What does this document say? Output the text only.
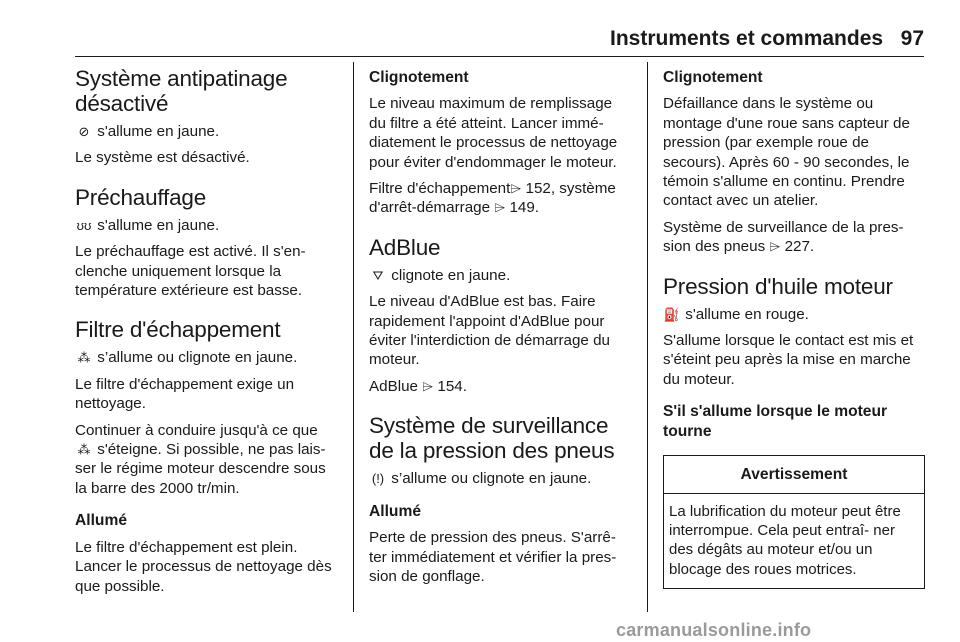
Instruments et commandes 97
Système antipatinage désactivé

⊘ s'allume en jaune.

Le système est désactivé.

Préchauffage

ʊʊ s'allume en jaune.

Le préchauffage est activé. Il s'en- clenche uniquement lorsque la température extérieure est basse.

Filtre d'échappement

⁂ s’allume ou clignote en jaune.

Le filtre d'échappement exige un nettoyage.

Continuer à conduire jusqu'à ce que ⁂ s'éteigne. Si possible, ne pas lais- ser le régime moteur descendre sous la barre des 2000 tr/min.

Allumé

Le filtre d'échappement est plein. Lancer le processus de nettoyage dès que possible.

Clignotement

Le niveau maximum de remplissage du filtre a été atteint. Lancer immé- diatement le processus de nettoyage pour éviter d'endommager le moteur.

Filtre d'échappement⌲ 152, système d'arrêt-démarrage ⌲ 149.

AdBlue

⛛ clignote en jaune.

Le niveau d'AdBlue est bas. Faire rapidement l'appoint d'AdBlue pour éviter l'interdiction de démarrage du moteur.

AdBlue ⌲ 154.

Système de surveillance de la pression des pneus

(!) s’allume ou clignote en jaune.

Allumé

Perte de pression des pneus. S'arrê- ter immédiatement et vérifier la pres- sion de gonflage.

Clignotement

Défaillance dans le système ou montage d'une roue sans capteur de pression (par exemple roue de secours). Après 60 - 90 secondes, le témoin s'allume en continu. Prendre contact avec un atelier.

Système de surveillance de la pres- sion des pneus ⌲ 227.

Pression d'huile moteur

⛽ s'allume en rouge.

S'allume lorsque le contact est mis et s'éteint peu après la mise en marche du moteur.

S'il s'allume lorsque le moteur tourne
Avertissement
La lubrification du moteur peut être interrompue. Cela peut entraî- ner des dégâts au moteur et/ou un blocage des roues motrices.
carmanualsonline.info
